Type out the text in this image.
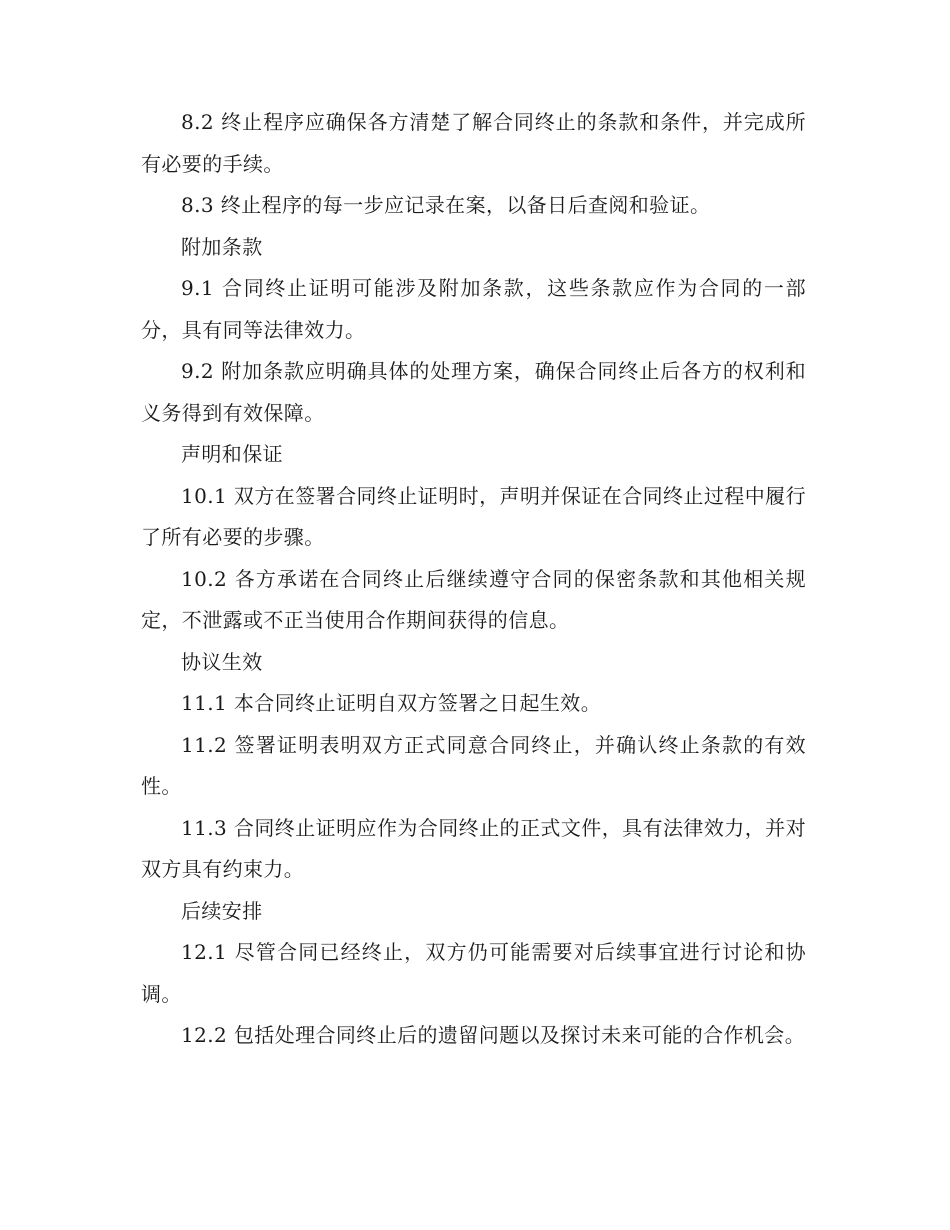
8.2 终止程序应确保各方清楚了解合同终止的条款和条件，并完成所有必要的手续。

8.3 终止程序的每一步应记录在案，以备日后查阅和验证。

附加条款

9.1 合同终止证明可能涉及附加条款，这些条款应作为合同的一部分，具有同等法律效力。

9.2 附加条款应明确具体的处理方案，确保合同终止后各方的权利和义务得到有效保障。

声明和保证

10.1 双方在签署合同终止证明时，声明并保证在合同终止过程中履行了所有必要的步骤。

10.2 各方承诺在合同终止后继续遵守合同的保密条款和其他相关规定，不泄露或不正当使用合作期间获得的信息。

协议生效

11.1 本合同终止证明自双方签署之日起生效。

11.2 签署证明表明双方正式同意合同终止，并确认终止条款的有效性。

11.3 合同终止证明应作为合同终止的正式文件，具有法律效力，并对双方具有约束力。

后续安排

12.1 尽管合同已经终止，双方仍可能需要对后续事宜进行讨论和协调。

12.2 包括处理合同终止后的遗留问题以及探讨未来可能的合作机会。
